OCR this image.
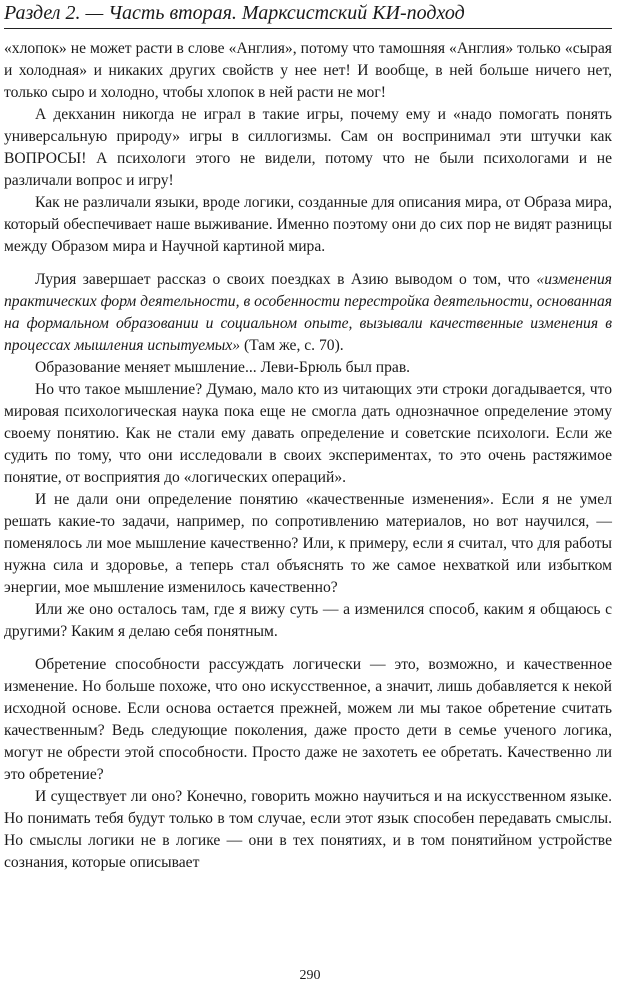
Раздел 2. — Часть вторая. Марксистский КИ-подход

«хлопок» не может расти в слове «Англия», потому что тамошняя «Англия» только «сырая и холодная» и никаких других свойств у нее нет! И вообще, в ней больше ничего нет, только сыро и холодно, чтобы хлопок в ней расти не мог!

А декханин никогда не играл в такие игры, почему ему и «надо помогать понять универсальную природу» игры в силлогизмы. Сам он воспринимал эти штучки как ВОПРОСЫ! А психологи этого не видели, потому что не были психологами и не различали вопрос и игру!

Как не различали языки, вроде логики, созданные для описания мира, от Образа мира, который обеспечивает наше выживание. Именно поэтому они до сих пор не видят разницы между Образом мира и Научной картиной мира.

Лурия завершает рассказ о своих поездках в Азию выводом о том, что «изменения практических форм деятельности, в особенности перестройка деятельности, основанная на формальном образовании и социальном опыте, вызывали качественные изменения в процессах мышления испытуемых» (Там же, с. 70).

Образование меняет мышление... Леви-Брюль был прав.

Но что такое мышление? Думаю, мало кто из читающих эти строки догадывается, что мировая психологическая наука пока еще не смогла дать однозначное определение этому своему понятию. Как не стали ему давать определение и советские психологи. Если же судить по тому, что они исследовали в своих экспериментах, то это очень растяжимое понятие, от восприятия до «логических операций».

И не дали они определение понятию «качественные изменения». Если я не умел решать какие-то задачи, например, по сопротивлению материалов, но вот научился, — поменялось ли мое мышление качественно? Или, к примеру, если я считал, что для работы нужна сила и здоровье, а теперь стал объяснять то же самое нехваткой или избытком энергии, мое мышление изменилось качественно?

Или же оно осталось там, где я вижу суть — а изменился способ, каким я общаюсь с другими? Каким я делаю себя понятным.

Обретение способности рассуждать логически — это, возможно, и качественное изменение. Но больше похоже, что оно искусственное, а значит, лишь добавляется к некой исходной основе. Если основа остается прежней, можем ли мы такое обретение считать качественным? Ведь следующие поколения, даже просто дети в семье ученого логика, могут не обрести этой способности. Просто даже не захотеть ее обретать. Качественно ли это обретение?

И существует ли оно? Конечно, говорить можно научиться и на искусственном языке. Но понимать тебя будут только в том случае, если этот язык способен передавать смыслы. Но смыслы логики не в логике — они в тех понятиях, и в том понятийном устройстве сознания, которые описывает

290
